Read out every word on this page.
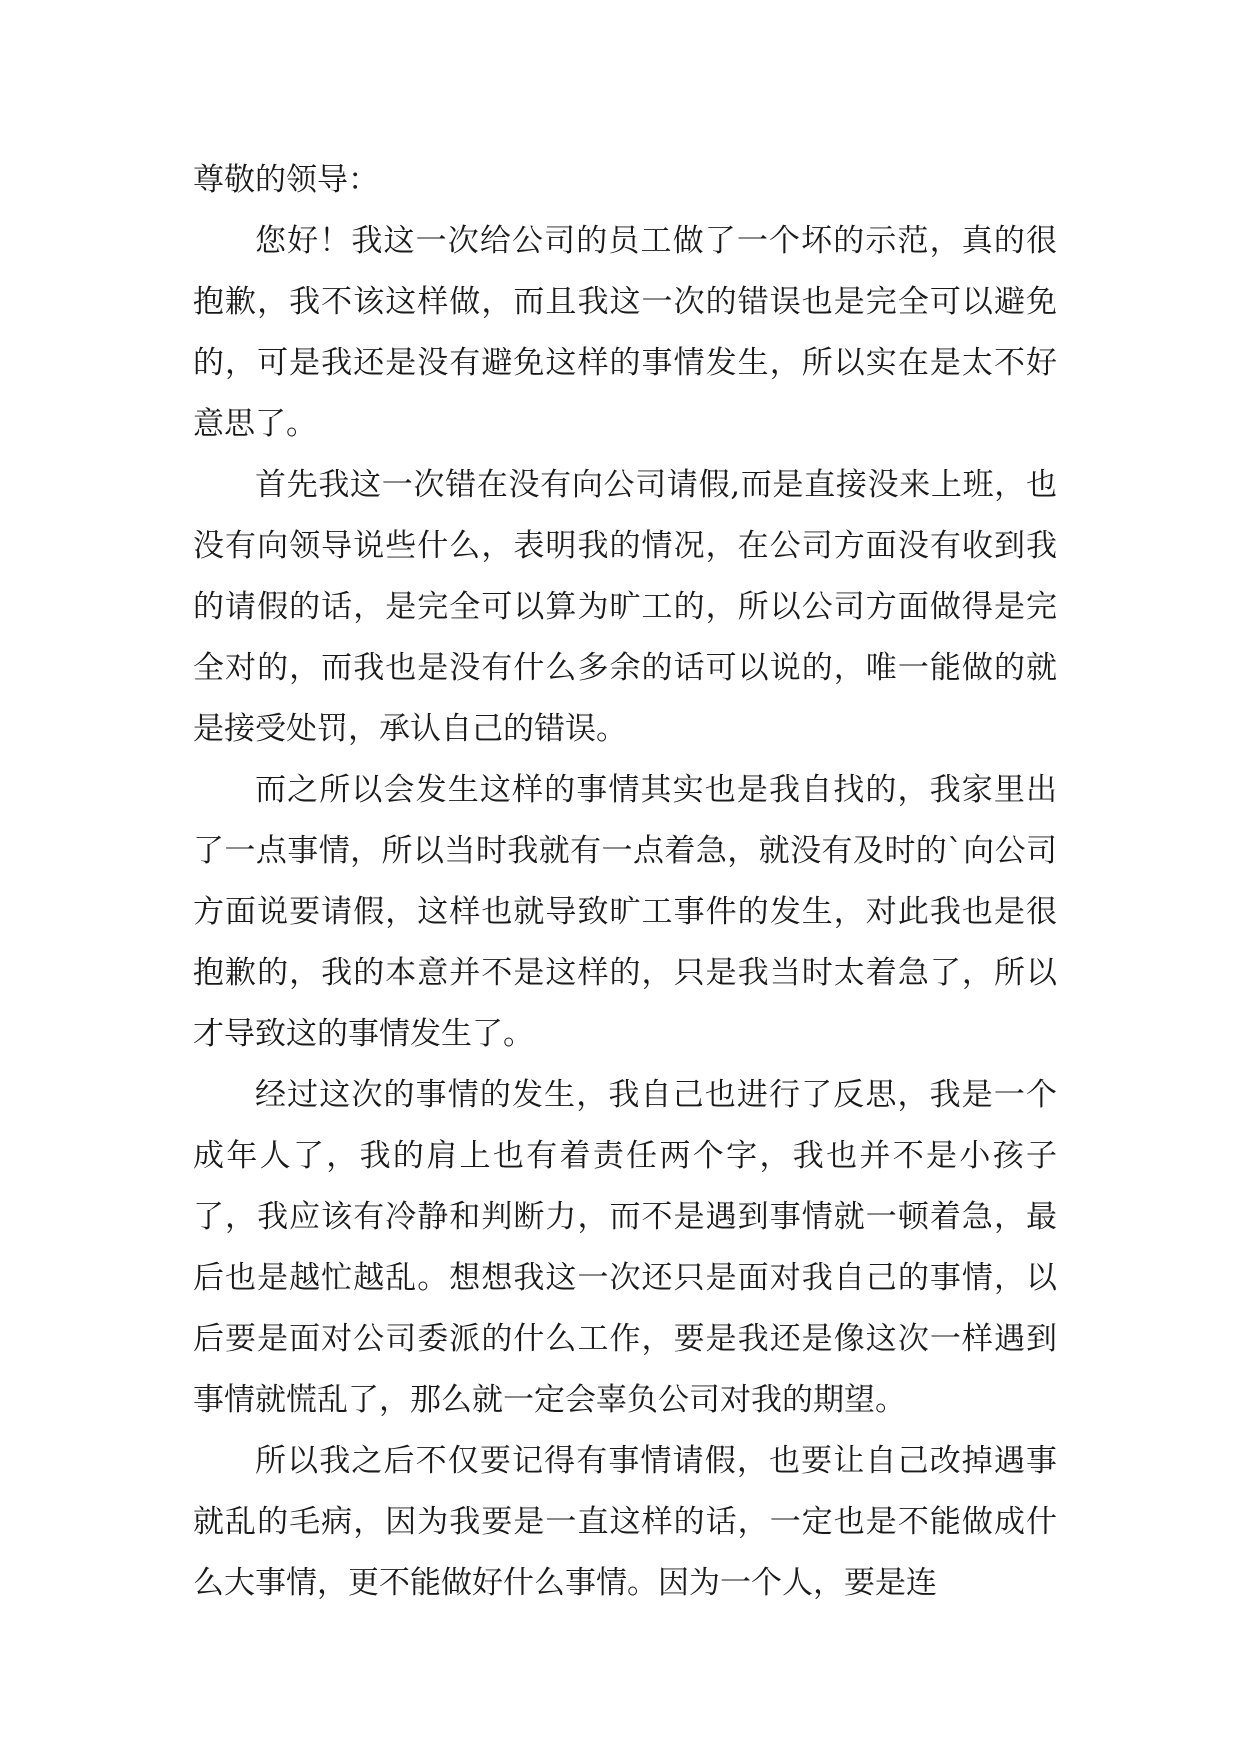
尊敬的领导：

您好！我这一次给公司的员工做了一个坏的示范，真的很抱歉，我不该这样做，而且我这一次的错误也是完全可以避免的，可是我还是没有避免这样的事情发生，所以实在是太不好意思了。

首先我这一次错在没有向公司请假,而是直接没来上班，也没有向领导说些什么，表明我的情况，在公司方面没有收到我的请假的话，是完全可以算为旷工的，所以公司方面做得是完全对的，而我也是没有什么多余的话可以说的，唯一能做的就是接受处罚，承认自己的错误。

而之所以会发生这样的事情其实也是我自找的，我家里出了一点事情，所以当时我就有一点着急，就没有及时的`向公司方面说要请假，这样也就导致旷工事件的发生，对此我也是很抱歉的，我的本意并不是这样的，只是我当时太着急了，所以才导致这的事情发生了。

经过这次的事情的发生，我自己也进行了反思，我是一个成年人了，我的肩上也有着责任两个字，我也并不是小孩子了，我应该有冷静和判断力，而不是遇到事情就一顿着急，最后也是越忙越乱。想想我这一次还只是面对我自己的事情，以后要是面对公司委派的什么工作，要是我还是像这次一样遇到事情就慌乱了，那么就一定会辜负公司对我的期望。

所以我之后不仅要记得有事情请假，也要让自己改掉遇事就乱的毛病，因为我要是一直这样的话，一定也是不能做成什么大事情，更不能做好什么事情。因为一个人，要是连
